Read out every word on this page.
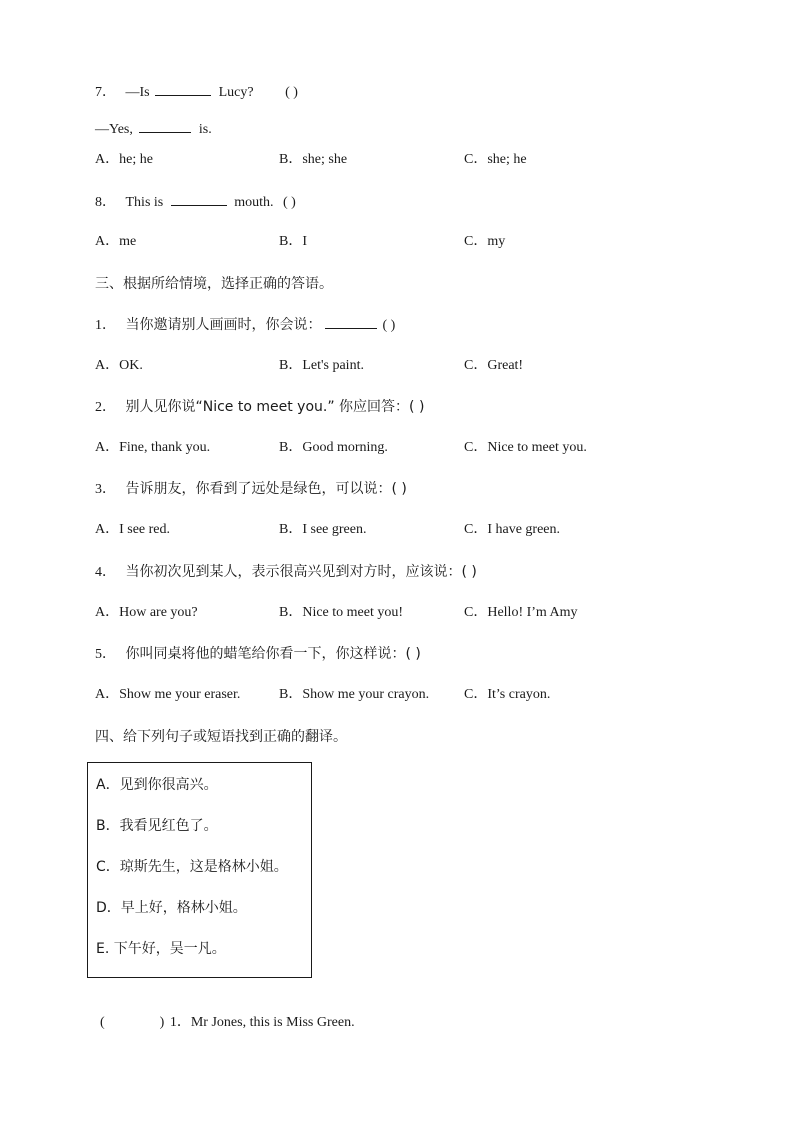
7． —Is	Lucy? ( )
—Yes,	is.
A．he; he	B．she; she	C．she; he
8． This is	mouth. ( )
A．me	B．I	C．my
三、根据所给情境，选择正确的答语。
1． 当你邀请别人画画时，你会说：	( )
A．OK.	B．Let's paint.	C．Great!
2． 别人见你说“Nice to meet you.” 你应回答：( )
A．Fine, thank you.	B．Good morning.	C．Nice to meet you.
3． 告诉朋友，你看到了远处是绿色，可以说：( )
A．I see red.	B．I see green.	C．I have green.
4． 当你初次见到某人，表示很高兴见到对方时，应该说：( )
A．How are you?	B．Nice to meet you!	C．Hello! I’m Amy
5． 你叫同桌将他的蜡笔给你看一下，你这样说：( )
A．Show me your eraser.	B．Show me your crayon. C．It’s crayon.
四、给下列句子或短语找到正确的翻译。
A．见到你很高兴。
B．我看见红色了。
C．琼斯先生，这是格林小姐。
D．早上好，格林小姐。
E. 下午好，吴一凡。
(	) 1．Mr Jones, this is Miss Green.
